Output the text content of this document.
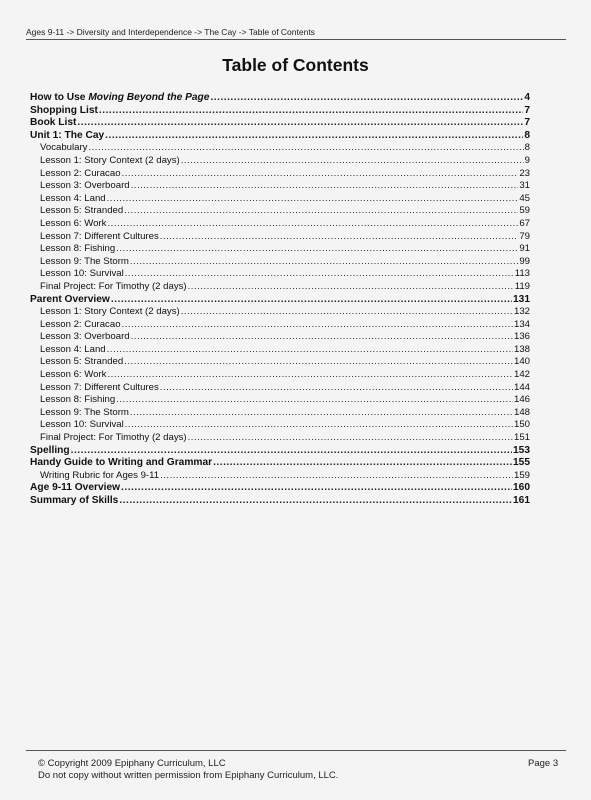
Ages 9-11 -> Diversity and Interdependence -> The Cay -> Table of Contents
Table of Contents
How to Use Moving Beyond the Page .....	4
Shopping List .....	7
Book List .....	7
Unit 1: The Cay .....	8
Vocabulary .....	8
Lesson 1: Story Context (2 days) .....	9
Lesson 2: Curacao .....	23
Lesson 3: Overboard .....	31
Lesson 4: Land .....	45
Lesson 5: Stranded .....	59
Lesson 6: Work .....	67
Lesson 7: Different Cultures .....	79
Lesson 8: Fishing .....	91
Lesson 9: The Storm .....	99
Lesson 10: Survival .....	113
Final Project: For Timothy (2 days) .....	119
Parent Overview .....	131
Lesson 1: Story Context (2 days) .....	132
Lesson 2: Curacao .....	134
Lesson 3: Overboard .....	136
Lesson 4: Land .....	138
Lesson 5: Stranded .....	140
Lesson 6: Work .....	142
Lesson 7: Different Cultures .....	144
Lesson 8: Fishing .....	146
Lesson 9: The Storm .....	148
Lesson 10: Survival .....	150
Final Project: For Timothy (2 days) .....	151
Spelling .....	153
Handy Guide to Writing and Grammar .....	155
Writing Rubric for Ages 9-11 .....	159
Age 9-11 Overview .....	160
Summary of Skills .....	161
© Copyright 2009 Epiphany Curriculum, LLC
Do not copy without written permission from Epiphany Curriculum, LLC.
Page 3
